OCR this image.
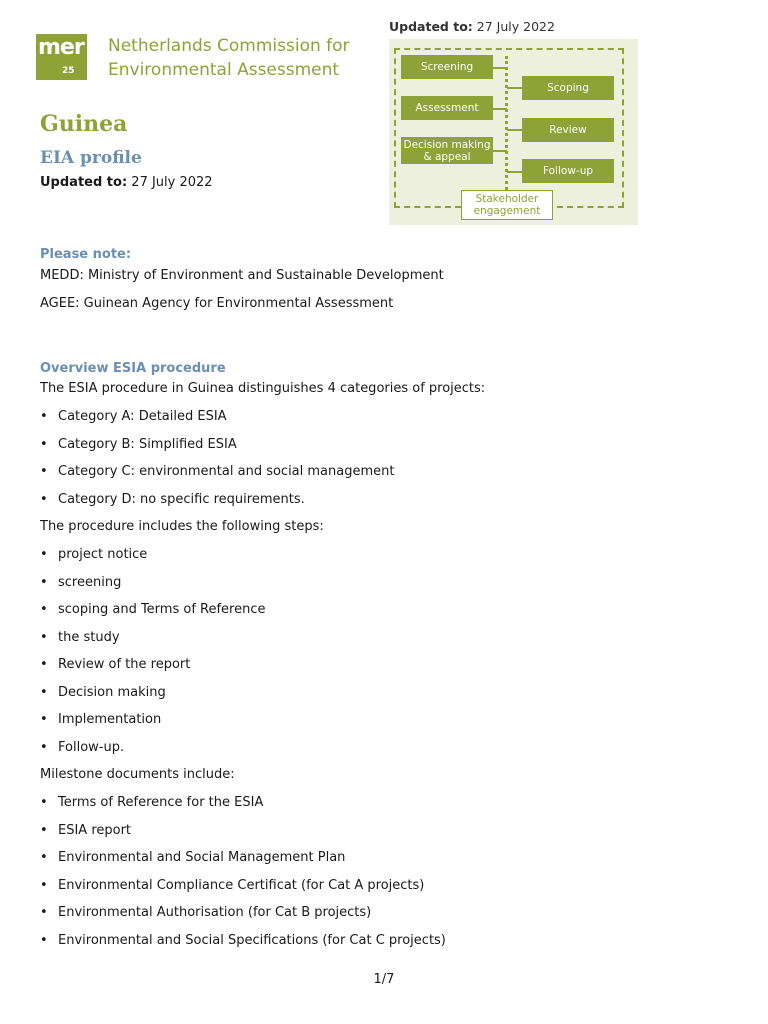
mer
25
Netherlands Commission for
Environmental Assessment
Guinea
EIA profile
Updated to: 27 July 2022
Updated to: 27 July 2022
Screening
Assessment
Decision making & appeal
Scoping
Review
Follow-up
Stakeholder engagement
Please note:
MEDD: Ministry of Environment and Sustainable Development
AGEE: Guinean Agency for Environmental Assessment
Overview ESIA procedure
The ESIA procedure in Guinea distinguishes 4 categories of projects:
• Category A: Detailed ESIA
• Category B: Simplified ESIA
• Category C: environmental and social management
• Category D: no specific requirements.
The procedure includes the following steps:
• project notice
• screening
• scoping and Terms of Reference
• the study
• Review of the report
• Decision making
• Implementation
• Follow-up.
Milestone documents include:
• Terms of Reference for the ESIA
• ESIA report
• Environmental and Social Management Plan
• Environmental Compliance Certificat (for Cat A projects)
• Environmental Authorisation (for Cat B projects)
• Environmental and Social Specifications (for Cat C projects)
1/7
